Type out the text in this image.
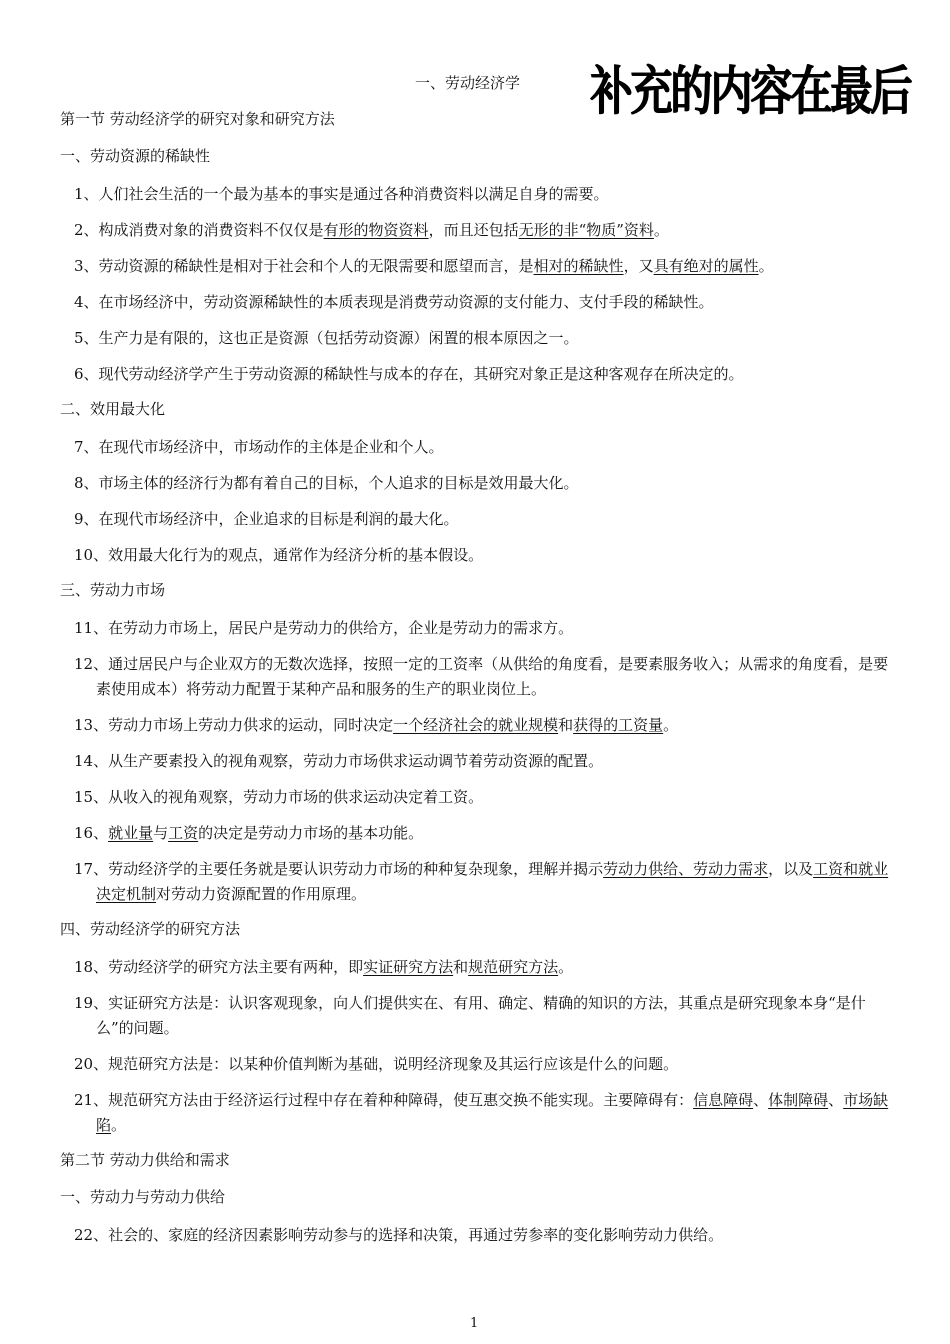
一、劳动经济学 补充的内容在最后
第一节 劳动经济学的研究对象和研究方法
一、劳动资源的稀缺性
1、人们社会生活的一个最为基本的事实是通过各种消费资料以满足自身的需要。
2、构成消费对象的消费资料不仅仅是有形的物资资料，而且还包括无形的非“物质”资料。
3、劳动资源的稀缺性是相对于社会和个人的无限需要和愿望而言，是相对的稀缺性，又具有绝对的属性。
4、在市场经济中，劳动资源稀缺性的本质表现是消费劳动资源的支付能力、支付手段的稀缺性。
5、生产力是有限的，这也正是资源（包括劳动资源）闲置的根本原因之一。
6、现代劳动经济学产生于劳动资源的稀缺性与成本的存在，其研究对象正是这种客观存在所决定的。
二、效用最大化
7、在现代市场经济中，市场动作的主体是企业和个人。
8、市场主体的经济行为都有着自己的目标，个人追求的目标是效用最大化。
9、在现代市场经济中，企业追求的目标是利润的最大化。
10、效用最大化行为的观点，通常作为经济分析的基本假设。
三、劳动力市场
11、在劳动力市场上，居民户是劳动力的供给方，企业是劳动力的需求方。
12、通过居民户与企业双方的无数次选择，按照一定的工资率（从供给的角度看，是要素服务收入；从需求的角度看，是要素使用成本）将劳动力配置于某种产品和服务的生产的职业岗位上。
13、劳动力市场上劳动力供求的运动，同时决定一个经济社会的就业规模和获得的工资量。
14、从生产要素投入的视角观察，劳动力市场供求运动调节着劳动资源的配置。
15、从收入的视角观察，劳动力市场的供求运动决定着工资。
16、就业量与工资的决定是劳动力市场的基本功能。
17、劳动经济学的主要任务就是要认识劳动力市场的种种复杂现象，理解并揭示劳动力供给、劳动力需求，以及工资和就业决定机制对劳动力资源配置的作用原理。
四、劳动经济学的研究方法
18、劳动经济学的研究方法主要有两种，即实证研究方法和规范研究方法。
19、实证研究方法是：认识客观现象，向人们提供实在、有用、确定、精确的知识的方法，其重点是研究现象本身“是什么”的问题。
20、规范研究方法是：以某种价值判断为基础，说明经济现象及其运行应该是什么的问题。
21、规范研究方法由于经济运行过程中存在着种种障碍，使互惠交换不能实现。主要障碍有：信息障碍、体制障碍、市场缺陷。
第二节 劳动力供给和需求
一、劳动力与劳动力供给
22、社会的、家庭的经济因素影响劳动参与的选择和决策，再通过劳参率的变化影响劳动力供给。
1
